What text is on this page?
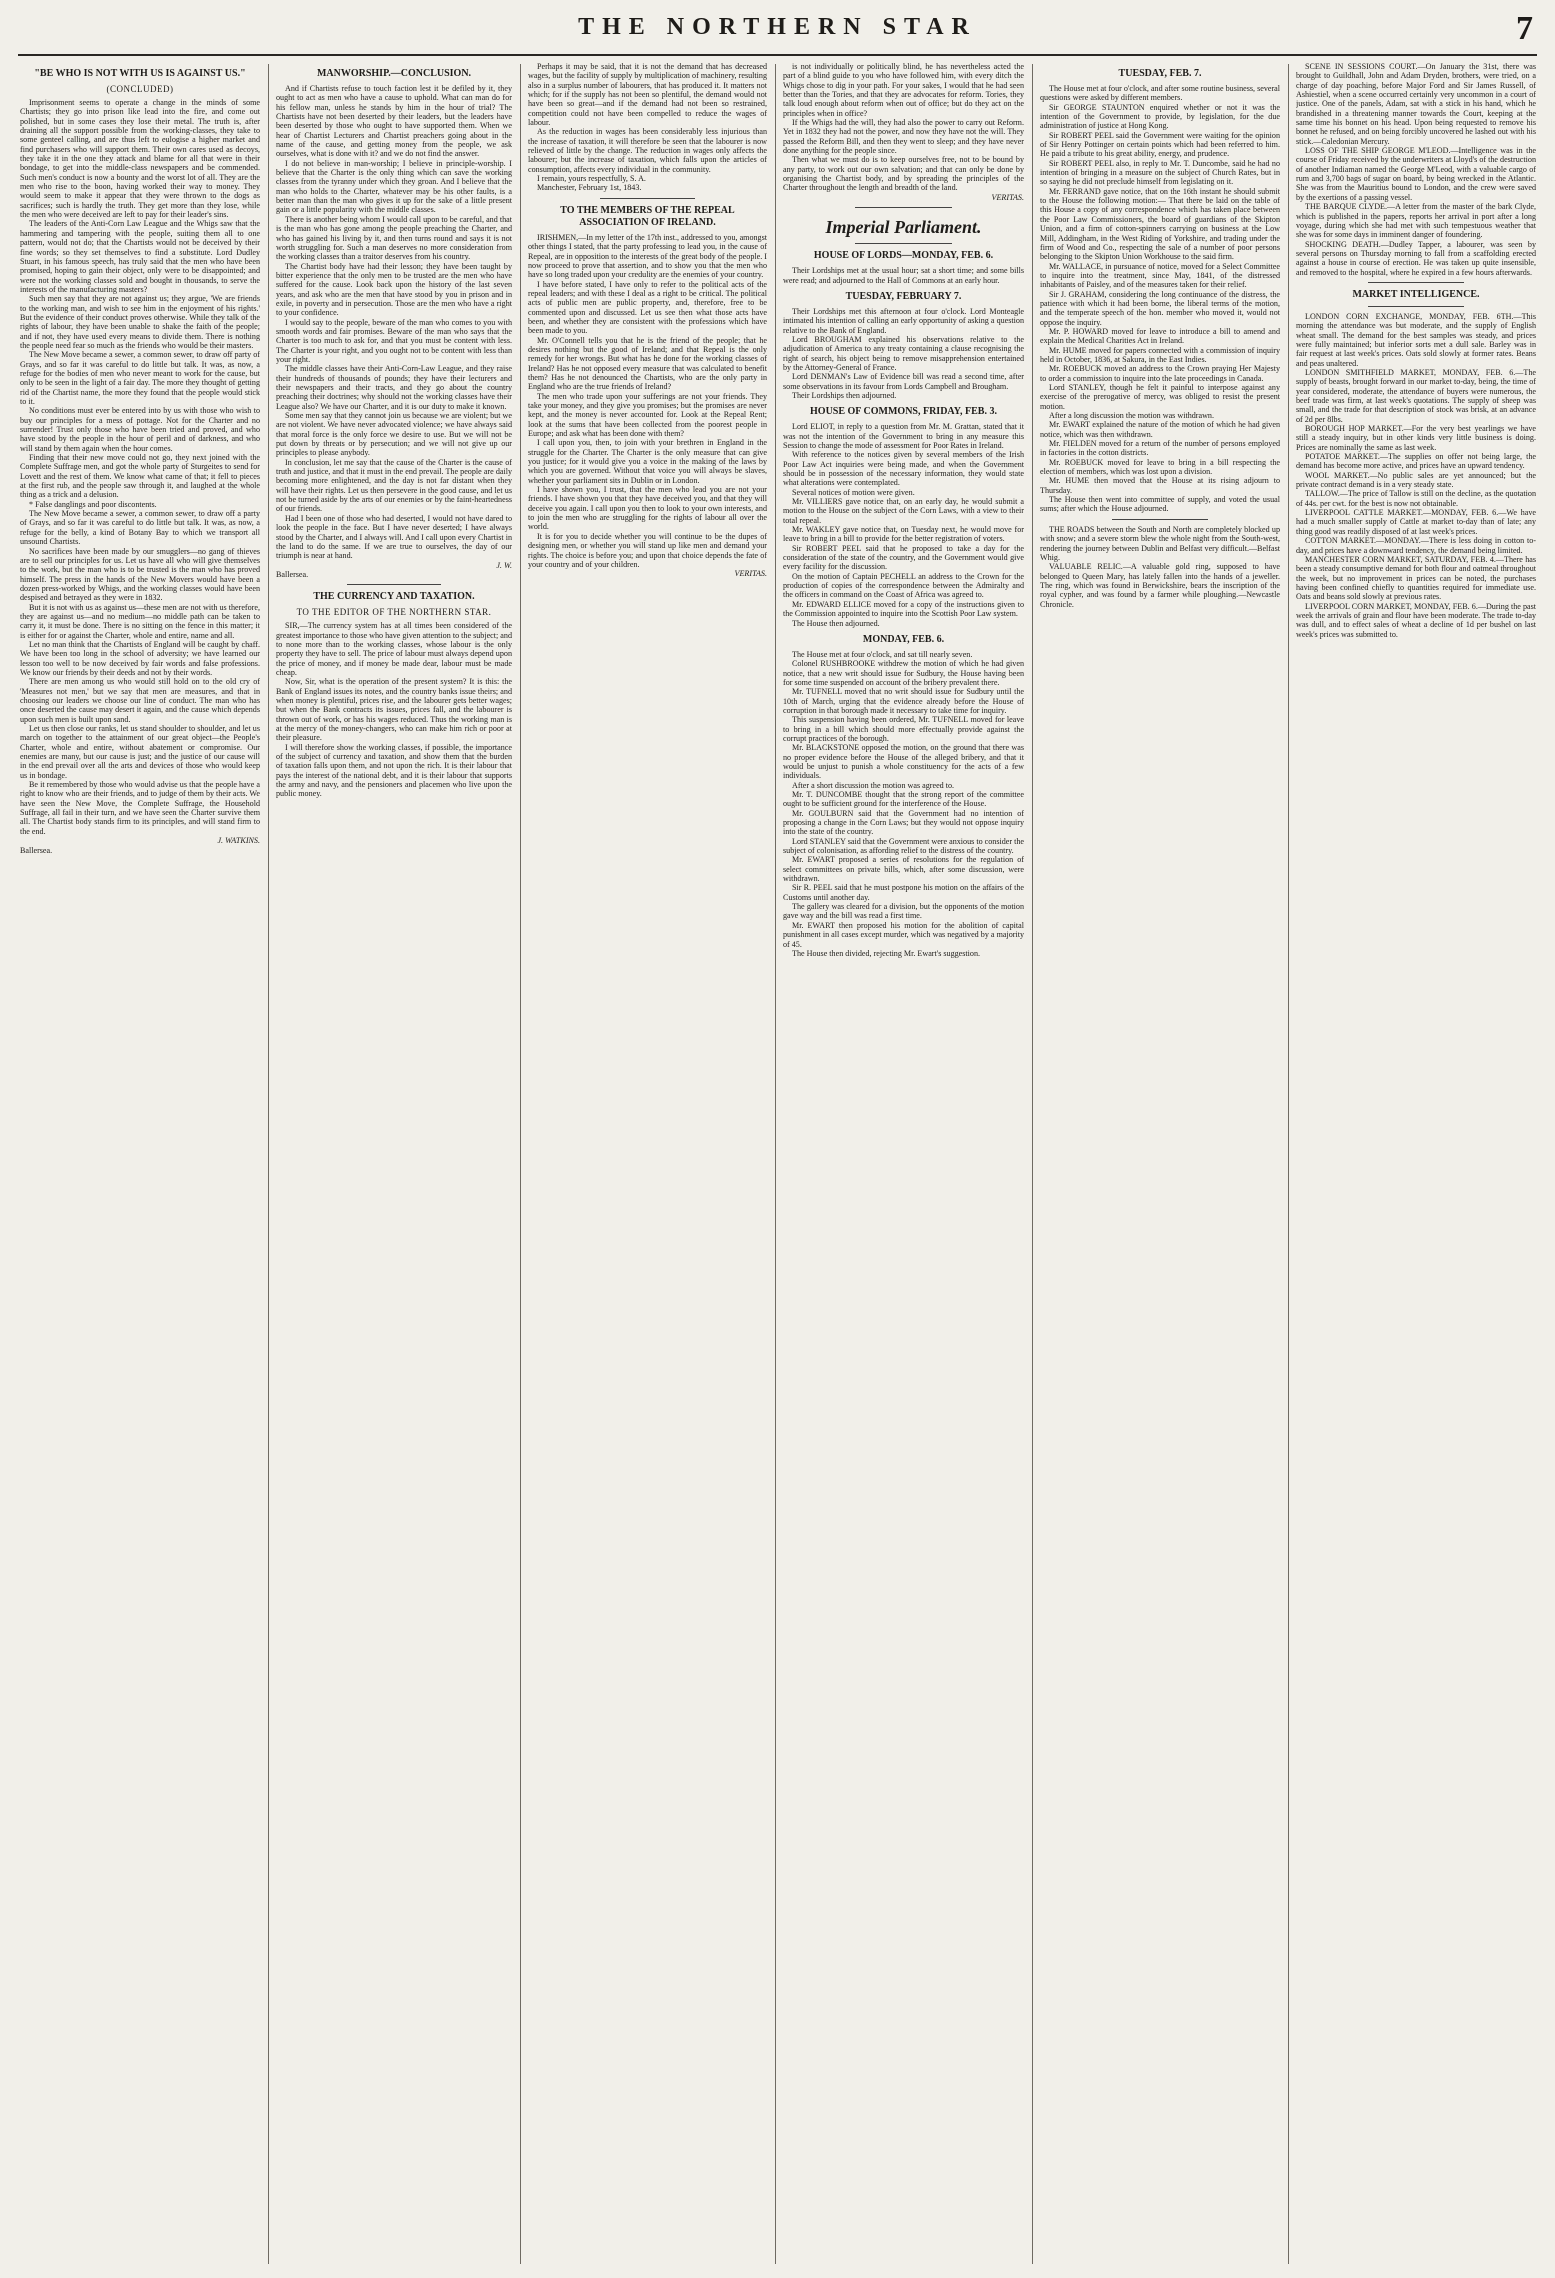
THE NORTHERN STAR	7
"BE WHO IS NOT WITH US IS AGAINST US."
(CONCLUDED)

Imprisonment seems to operate a change in the minds of some Chartists; they go into prison like lead into the fire, and come out polished, but in some cases they lose their metal. The truth is, after draining all the support possible from the working-classes, they take to some genteel calling, and are thus left to eulogise a higher market and find purchasers who will support them. Their own cares used as decoys, they take it in the one they attack and blame for all that were in their bondage, to get into the middle-class newspapers and be commended. Such men's conduct is now a bounty and the worst lot of all. They are the men who rise to the boon, having worked their way to money. They would seem to make it appear that they were thrown to the dogs as sacrifices; such is hardly the truth. They get more than they lose, while the men who were deceived are left to pay for their leader's sins.

The leaders of the Anti-Corn Law League and the Whigs saw that the hammering and tampering with the people, suiting them all to one pattern, would not do; that the Chartists would not be deceived by their fine words; so they set themselves to find a substitute. Lord Dudley Stuart, in his famous speech, has truly said that the men who have been promised, hoping to gain their object, only were to be disappointed; and were not the working classes sold and bought in thousands, to serve the interests of the manufacturing masters?

Such men say that they are not against us; they argue, 'We are friends to the working man, and wish to see him in the enjoyment of his rights.' But the evidence of their conduct proves otherwise. While they talk of the rights of labour, they have been unable to shake the faith of the people; and if not, they have used every means to divide them. There is nothing the people need fear so much as the friends who would be their masters.

The New Move became a sewer, a common sewer, to draw off party of Grays, and so far it was careful to do little but talk. It was, as now, a refuge for the bodies of men who never meant to work for the cause, but only to be seen in the light of a fair day. The more they thought of getting rid of the Chartist name, the more they found that the people would stick to it.

No conditions must ever be entered into by us with those who wish to buy our principles for a mess of pottage. Not for the Charter and no surrender! Trust only those who have been tried and proved, and who have stood by the people in the hour of peril and of darkness, and who will stand by them again when the hour comes.

Finding that their new move could not go, they next joined with the Complete Suffrage men, and got the whole party of Sturgeites to send for Lovett and the rest of them. We know what came of that; it fell to pieces at the first rub, and the people saw through it, and laughed at the whole thing as a trick and a delusion.

* False danglings and poor discontents.

The New Move became a sewer, a common sewer, to draw off a party of Grays, and so far it was careful to do little but talk. It was, as now, a refuge for the belly, a kind of Botany Bay to which we transport all unsound Chartists.

No sacrifices have been made by our smugglers—no gang of thieves are to sell our principles for us. Let us have all who will give themselves to the work, but the man who is to be trusted is the man who has proved himself. The press in the hands of the New Movers would have been a dozen press-worked by Whigs, and the working classes would have been despised and betrayed as they were in 1832.

But it is not with us as against us—these men are not with us therefore, they are against us—and no medium—no middle path can be taken to carry it, it must be done. There is no sitting on the fence in this matter; it is either for or against the Charter, whole and entire, name and all.

Let no man think that the Chartists of England will be caught by chaff. We have been too long in the school of adversity; we have learned our lesson too well to be now deceived by fair words and false professions. We know our friends by their deeds and not by their words.

There are men among us who would still hold on to the old cry of 'Measures not men,' but we say that men are measures, and that in choosing our leaders we choose our line of conduct. The man who has once deserted the cause may desert it again, and the cause which depends upon such men is built upon sand.

Let us then close our ranks, let us stand shoulder to shoulder, and let us march on together to the attainment of our great object—the People's Charter, whole and entire, without abatement or compromise. Our enemies are many, but our cause is just; and the justice of our cause will in the end prevail over all the arts and devices of those who would keep us in bondage.

Be it remembered by those who would advise us that the people have a right to know who are their friends, and to judge of them by their acts. We have seen the New Move, the Complete Suffrage, the Household Suffrage, all fail in their turn, and we have seen the Charter survive them all. The Chartist body stands firm to its principles, and will stand firm to the end.

J. WATKINS.

Ballersea.

MANWORSHIP.—CONCLUSION.

And if Chartists refuse to touch faction lest it be defiled by it, they ought to act as men who have a cause to uphold. What can man do for his fellow man, unless he stands by him in the hour of trial? The Chartists have not been deserted by their leaders, but the leaders have been deserted by those who ought to have supported them. When we hear of Chartist Lecturers and Chartist preachers going about in the name of the cause, and getting money from the people, we ask ourselves, what is done with it? and we do not find the answer.

I do not believe in man-worship; I believe in principle-worship. I believe that the Charter is the only thing which can save the working classes from the tyranny under which they groan. And I believe that the man who holds to the Charter, whatever may be his other faults, is a better man than the man who gives it up for the sake of a little present gain or a little popularity with the middle classes.

There is another being whom I would call upon to be careful, and that is the man who has gone among the people preaching the Charter, and who has gained his living by it, and then turns round and says it is not worth struggling for. Such a man deserves no more consideration from the working classes than a traitor deserves from his country.

The Chartist body have had their lesson; they have been taught by bitter experience that the only men to be trusted are the men who have suffered for the cause. Look back upon the history of the last seven years, and ask who are the men that have stood by you in prison and in exile, in poverty and in persecution. Those are the men who have a right to your confidence.

I would say to the people, beware of the man who comes to you with smooth words and fair promises. Beware of the man who says that the Charter is too much to ask for, and that you must be content with less. The Charter is your right, and you ought not to be content with less than your right.

The middle classes have their Anti-Corn-Law League, and they raise their hundreds of thousands of pounds; they have their lecturers and their newspapers and their tracts, and they go about the country preaching their doctrines; why should not the working classes have their League also? We have our Charter, and it is our duty to make it known.

Some men say that they cannot join us because we are violent; but we are not violent. We have never advocated violence; we have always said that moral force is the only force we desire to use. But we will not be put down by threats or by persecution; and we will not give up our principles to please anybody.

In conclusion, let me say that the cause of the Charter is the cause of truth and justice, and that it must in the end prevail. The people are daily becoming more enlightened, and the day is not far distant when they will have their rights. Let us then persevere in the good cause, and let us not be turned aside by the arts of our enemies or by the faint-heartedness of our friends.

Had I been one of those who had deserted, I would not have dared to look the people in the face. But I have never deserted; I have always stood by the Charter, and I always will. And I call upon every Chartist in the land to do the same. If we are true to ourselves, the day of our triumph is near at hand.

J. W.

Ballersea.

THE CURRENCY AND TAXATION.
TO THE EDITOR OF THE NORTHERN STAR.

SIR,—The currency system has at all times been considered of the greatest importance to those who have given attention to the subject; and to none more than to the working classes, whose labour is the only property they have to sell. The price of labour must always depend upon the price of money, and if money be made dear, labour must be made cheap.

Now, Sir, what is the operation of the present system? It is this: the Bank of England issues its notes, and the country banks issue theirs; and when money is plentiful, prices rise, and the labourer gets better wages; but when the Bank contracts its issues, prices fall, and the labourer is thrown out of work, or has his wages reduced. Thus the working man is at the mercy of the money-changers, who can make him rich or poor at their pleasure.

I will therefore show the working classes, if possible, the importance of the subject of currency and taxation, and show them that the burden of taxation falls upon them, and not upon the rich. It is their labour that pays the interest of the national debt, and it is their labour that supports the army and navy, and the pensioners and placemen who live upon the public money.

Perhaps it may be said, that it is not the demand that has decreased wages, but the facility of supply by multiplication of machinery, resulting also in a surplus number of labourers, that has produced it. It matters not which; for if the supply has not been so plentiful, the demand would not have been so great—and if the demand had not been so restrained, competition could not have been compelled to reduce the wages of labour.

As the reduction in wages has been considerably less injurious than the increase of taxation, it will therefore be seen that the labourer is now relieved of little by the change. The reduction in wages only affects the labourer; but the increase of taxation, which falls upon the articles of consumption, affects every individual in the community.

I remain, yours respectfully, S. A.

Manchester, February 1st, 1843.

TO THE MEMBERS OF THE REPEAL ASSOCIATION OF IRELAND.

IRISHMEN,—In my letter of the 17th inst., addressed to you, amongst other things I stated, that the party professing to lead you, in the cause of Repeal, are in opposition to the interests of the great body of the people. I now proceed to prove that assertion, and to show you that the men who have so long traded upon your credulity are the enemies of your country.

I have before stated, I have only to refer to the political acts of the repeal leaders; and with these I deal as a right to be critical. The political acts of public men are public property, and, therefore, free to be commented upon and discussed. Let us see then what those acts have been, and whether they are consistent with the professions which have been made to you.

Mr. O'Connell tells you that he is the friend of the people; that he desires nothing but the good of Ireland; and that Repeal is the only remedy for her wrongs. But what has he done for the working classes of Ireland? Has he not opposed every measure that was calculated to benefit them? Has he not denounced the Chartists, who are the only party in England who are the true friends of Ireland?

The men who trade upon your sufferings are not your friends. They take your money, and they give you promises; but the promises are never kept, and the money is never accounted for. Look at the Repeal Rent; look at the sums that have been collected from the poorest people in Europe; and ask what has been done with them?

I call upon you, then, to join with your brethren in England in the struggle for the Charter. The Charter is the only measure that can give you justice; for it would give you a voice in the making of the laws by which you are governed. Without that voice you will always be slaves, whether your parliament sits in Dublin or in London.

I have shown you, I trust, that the men who lead you are not your friends. I have shown you that they have deceived you, and that they will deceive you again. I call upon you then to look to your own interests, and to join the men who are struggling for the rights of labour all over the world.

It is for you to decide whether you will continue to be the dupes of designing men, or whether you will stand up like men and demand your rights. The choice is before you; and upon that choice depends the fate of your country and of your children.

VERITAS.

is not individually or politically blind, he has nevertheless acted the part of a blind guide to you who have followed him, with every ditch the Whigs chose to dig in your path. For your sakes, I would that he had seen better than the Tories, and that they are advocates for reform. Tories, they talk loud enough about reform when out of office; but do they act on the principles when in office?

If the Whigs had the will, they had also the power to carry out Reform. Yet in 1832 they had not the power, and now they have not the will. They passed the Reform Bill, and then they went to sleep; and they have never done anything for the people since.

Then what we must do is to keep ourselves free, not to be bound by any party, to work out our own salvation; and that can only be done by organising the Chartist body, and by spreading the principles of the Charter throughout the length and breadth of the land.

VERITAS.

Imperial Parliament.
HOUSE OF LORDS—MONDAY, FEB. 6.

Their Lordships met at the usual hour; sat a short time; and some bills were read; and adjourned to the Hall of Commons at an early hour.

TUESDAY, FEBRUARY 7.

Their Lordships met this afternoon at four o'clock. Lord Monteagle intimated his intention of calling an early opportunity of asking a question relative to the Bank of England.

Lord BROUGHAM explained his observations relative to the adjudication of America to any treaty containing a clause recognising the right of search, his object being to remove misapprehension entertained by the Attorney-General of France.

Lord DENMAN's Law of Evidence bill was read a second time, after some observations in its favour from Lords Campbell and Brougham.

Their Lordships then adjourned.

HOUSE OF COMMONS, FRIDAY, FEB. 3.

Lord ELIOT, in reply to a question from Mr. M. Grattan, stated that it was not the intention of the Government to bring in any measure this Session to change the mode of assessment for Poor Rates in Ireland.

With reference to the notices given by several members of the Irish Poor Law Act inquiries were being made, and when the Government should be in possession of the necessary information, they would state what alterations were contemplated.

Several notices of motion were given.

Mr. VILLIERS gave notice that, on an early day, he would submit a motion to the House on the subject of the Corn Laws, with a view to their total repeal.

Mr. WAKLEY gave notice that, on Tuesday next, he would move for leave to bring in a bill to provide for the better registration of voters.

Sir ROBERT PEEL said that he proposed to take a day for the consideration of the state of the country, and the Government would give every facility for the discussion.

On the motion of Captain PECHELL an address to the Crown for the production of copies of the correspondence between the Admiralty and the officers in command on the Coast of Africa was agreed to.

Mr. EDWARD ELLICE moved for a copy of the instructions given to the Commission appointed to inquire into the Scottish Poor Law system.

The House then adjourned.

MONDAY, FEB. 6.

The House met at four o'clock, and sat till nearly seven.

Colonel RUSHBROOKE withdrew the motion of which he had given notice, that a new writ should issue for Sudbury, the House having been for some time suspended on account of the bribery prevalent there.

Mr. TUFNELL moved that no writ should issue for Sudbury until the 10th of March, urging that the evidence already before the House of corruption in that borough made it necessary to take time for inquiry.

This suspension having been ordered, Mr. TUFNELL moved for leave to bring in a bill which should more effectually provide against the corrupt practices of the borough.

Mr. BLACKSTONE opposed the motion, on the ground that there was no proper evidence before the House of the alleged bribery, and that it would be unjust to punish a whole constituency for the acts of a few individuals.

After a short discussion the motion was agreed to.

Mr. T. DUNCOMBE thought that the strong report of the committee ought to be sufficient ground for the interference of the House.

Mr. GOULBURN said that the Government had no intention of proposing a change in the Corn Laws; but they would not oppose inquiry into the state of the country.

Lord STANLEY said that the Government were anxious to consider the subject of colonisation, as affording relief to the distress of the country.

Mr. EWART proposed a series of resolutions for the regulation of select committees on private bills, which, after some discussion, were withdrawn.

Sir R. PEEL said that he must postpone his motion on the affairs of the Customs until another day.

The gallery was cleared for a division, but the opponents of the motion gave way and the bill was read a first time.

Mr. EWART then proposed his motion for the abolition of capital punishment in all cases except murder, which was negatived by a majority of 45.

The House then divided, rejecting Mr. Ewart's suggestion.

TUESDAY, FEB. 7.

The House met at four o'clock, and after some routine business, several questions were asked by different members.

Sir GEORGE STAUNTON enquired whether or not it was the intention of the Government to provide, by legislation, for the due administration of justice at Hong Kong.

Sir ROBERT PEEL said the Government were waiting for the opinion of Sir Henry Pottinger on certain points which had been referred to him. He paid a tribute to his great ability, energy, and prudence.

Sir ROBERT PEEL also, in reply to Mr. T. Duncombe, said he had no intention of bringing in a measure on the subject of Church Rates, but in so saying he did not preclude himself from legislating on it.

Mr. FERRAND gave notice, that on the 16th instant he should submit to the House the following motion:— That there be laid on the table of this House a copy of any correspondence which has taken place between the Poor Law Commissioners, the board of guardians of the Skipton Union, and a firm of cotton-spinners carrying on business at the Low Mill, Addingham, in the West Riding of Yorkshire, and trading under the firm of Wood and Co., respecting the sale of a number of poor persons belonging to the Skipton Union Workhouse to the said firm.

Mr. WALLACE, in pursuance of notice, moved for a Select Committee to inquire into the treatment, since May, 1841, of the distressed inhabitants of Paisley, and of the measures taken for their relief.

Sir J. GRAHAM, considering the long continuance of the distress, the patience with which it had been borne, the liberal terms of the motion, and the temperate speech of the hon. member who moved it, would not oppose the inquiry.

Mr. P. HOWARD moved for leave to introduce a bill to amend and explain the Medical Charities Act in Ireland.

Mr. HUME moved for papers connected with a commission of inquiry held in October, 1836, at Sakura, in the East Indies.

Mr. ROEBUCK moved an address to the Crown praying Her Majesty to order a commission to inquire into the late proceedings in Canada.

Lord STANLEY, though he felt it painful to interpose against any exercise of the prerogative of mercy, was obliged to resist the present motion.

After a long discussion the motion was withdrawn.

Mr. EWART explained the nature of the motion of which he had given notice, which was then withdrawn.

Mr. FIELDEN moved for a return of the number of persons employed in factories in the cotton districts.

Mr. ROEBUCK moved for leave to bring in a bill respecting the election of members, which was lost upon a division.

Mr. HUME then moved that the House at its rising adjourn to Thursday.

The House then went into committee of supply, and voted the usual sums; after which the House adjourned.

THE ROADS between the South and North are completely blocked up with snow; and a severe storm blew the whole night from the South-west, rendering the journey between Dublin and Belfast very difficult.—Belfast Whig.

VALUABLE RELIC.—A valuable gold ring, supposed to have belonged to Queen Mary, has lately fallen into the hands of a jeweller. The ring, which was found in Berwickshire, bears the inscription of the royal cypher, and was found by a farmer while ploughing.—Newcastle Chronicle.

SCENE IN SESSIONS COURT.—On January the 31st, there was brought to Guildhall, John and Adam Dryden, brothers, were tried, on a charge of day poaching, before Major Ford and Sir James Russell, of Ashiestiel, when a scene occurred certainly very uncommon in a court of justice. One of the panels, Adam, sat with a stick in his hand, which he brandished in a threatening manner towards the Court, keeping at the same time his bonnet on his head. Upon being requested to remove his bonnet he refused, and on being forcibly uncovered he lashed out with his stick.—Caledonian Mercury.

LOSS OF THE SHIP GEORGE M'LEOD.—Intelligence was in the course of Friday received by the underwriters at Lloyd's of the destruction of another Indiaman named the George M'Leod, with a valuable cargo of rum and 3,700 bags of sugar on board, by being wrecked in the Atlantic. She was from the Mauritius bound to London, and the crew were saved by the exertions of a passing vessel.

THE BARQUE CLYDE.—A letter from the master of the bark Clyde, which is published in the papers, reports her arrival in port after a long voyage, during which she had met with such tempestuous weather that she was for some days in imminent danger of foundering.

SHOCKING DEATH.—Dudley Tapper, a labourer, was seen by several persons on Thursday morning to fall from a scaffolding erected against a house in course of erection. He was taken up quite insensible, and removed to the hospital, where he expired in a few hours afterwards.

MARKET INTELLIGENCE.

LONDON CORN EXCHANGE, MONDAY, FEB. 6TH.—This morning the attendance was but moderate, and the supply of English wheat small. The demand for the best samples was steady, and prices were fully maintained; but inferior sorts met a dull sale. Barley was in fair request at last week's prices. Oats sold slowly at former rates. Beans and peas unaltered.

LONDON SMITHFIELD MARKET, MONDAY, FEB. 6.—The supply of beasts, brought forward in our market to-day, being, the time of year considered, moderate, the attendance of buyers were numerous, the beef trade was firm, at last week's quotations. The supply of sheep was small, and the trade for that description of stock was brisk, at an advance of 2d per 8lbs.

BOROUGH HOP MARKET.—For the very best yearlings we have still a steady inquiry, but in other kinds very little business is doing. Prices are nominally the same as last week.

POTATOE MARKET.—The supplies on offer not being large, the demand has become more active, and prices have an upward tendency.

WOOL MARKET.—No public sales are yet announced; but the private contract demand is in a very steady state.

TALLOW.—The price of Tallow is still on the decline, as the quotation of 44s. per cwt. for the best is now not obtainable.

LIVERPOOL CATTLE MARKET.—MONDAY, FEB. 6.—We have had a much smaller supply of Cattle at market to-day than of late; any thing good was readily disposed of at last week's prices.

COTTON MARKET.—MONDAY.—There is less doing in cotton to-day, and prices have a downward tendency, the demand being limited.

MANCHESTER CORN MARKET, SATURDAY, FEB. 4.—There has been a steady consumptive demand for both flour and oatmeal throughout the week, but no improvement in prices can be noted, the purchases having been confined chiefly to quantities required for immediate use. Oats and beans sold slowly at previous rates.

LIVERPOOL CORN MARKET, MONDAY, FEB. 6.—During the past week the arrivals of grain and flour have been moderate. The trade to-day was dull, and to effect sales of wheat a decline of 1d per bushel on last week's prices was submitted to.
